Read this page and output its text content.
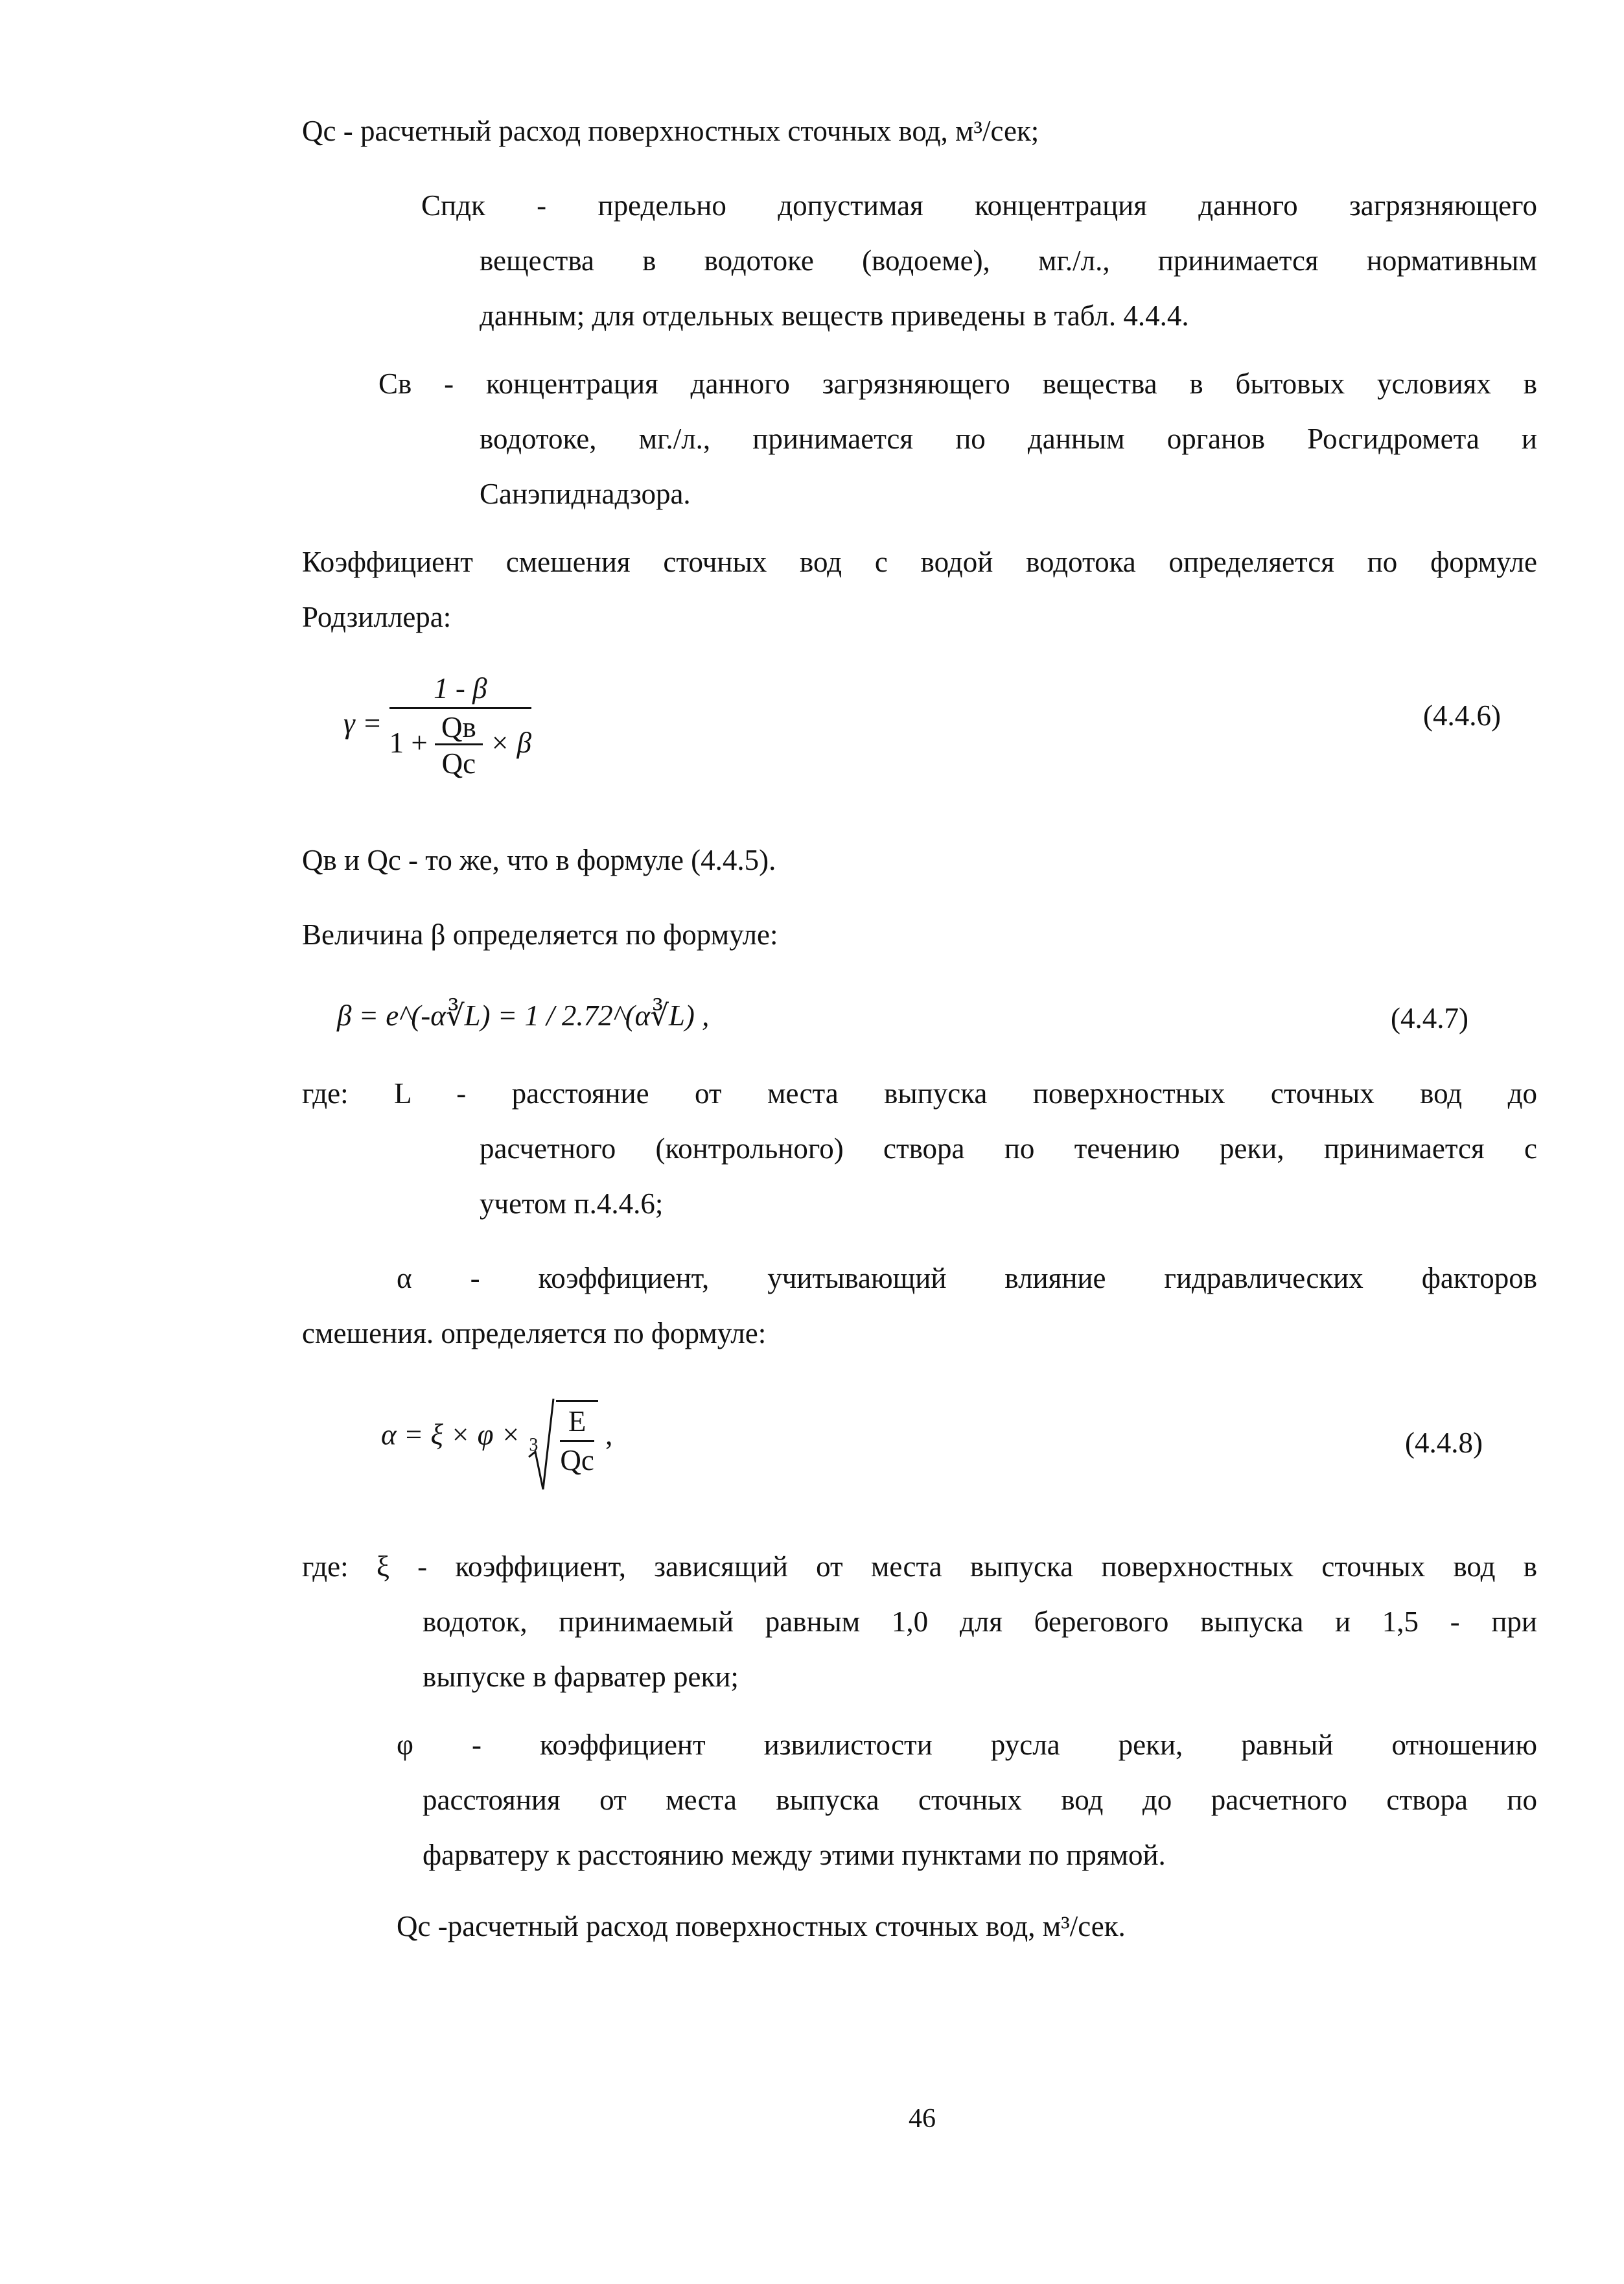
Qс - расчетный расход поверхностных сточных вод, м³/сек;
Cпдк - предельно допустимая концентрация данного загрязняющего
вещества в водотоке (водоеме), мг./л., принимается нормативным
данным; для отдельных веществ приведены в табл. 4.4.4.
Cв - концентрация данного загрязняющего вещества в бытовых условиях в
водотоке, мг./л., принимается по данным органов Росгидромета и
Санэпиднадзора.
Коэффициент смешения сточных вод с водой водотока определяется по формуле
Родзиллера:
$\gamma = \frac{1 - \beta}{1 + \frac{Qв}{Qс} \times \beta}$	(4.4.6)
Qв и Qс - то же, что в формуле (4.4.5).
Величина β определяется по формуле:
β = e^(-α∛L) = 1 / 2.72^(α∛L) ,	(4.4.7)
где: L - расстояние от места выпуска поверхностных сточных вод до
расчетного (контрольного) створа по течению реки, принимается с
учетом п.4.4.6;
α - коэффициент, учитывающий влияние гидравлических факторов
смешения. определяется по формуле:
$\alpha = \xi \times \varphi \times 3 \frac{E}{Qс}$ ,	(4.4.8)
где: ξ - коэффициент, зависящий от места выпуска поверхностных сточных вод в
водоток, принимаемый равным 1,0 для берегового выпуска и 1,5 - при
выпуске в фарватер реки;
φ - коэффициент извилистости русла реки, равный отношению
расстояния от места выпуска сточных вод до расчетного створа по
фарватеру к расстоянию между этими пунктами по прямой.
Qс -расчетный расход поверхностных сточных вод, м³/сек.
46
